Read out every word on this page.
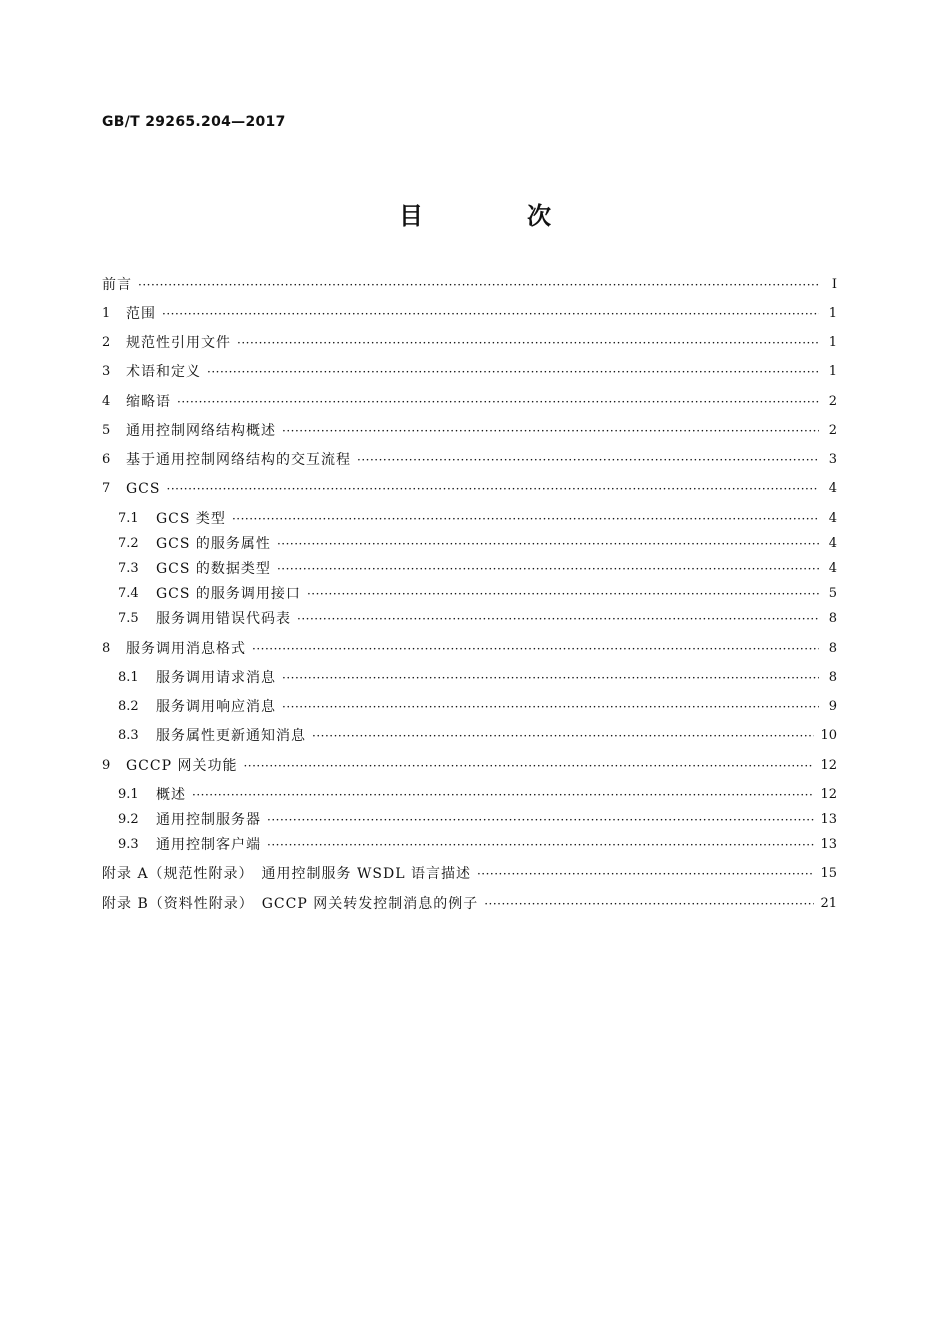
GB/T 29265.204—2017
目　次
前言 ·····	Ⅰ
1	范围 ·····	1
2	规范性引用文件 ·····	1
3	术语和定义 ·····	1
4	缩略语 ·····	2
5	通用控制网络结构概述 ·····	2
6	基于通用控制网络结构的交互流程 ·····	3
7	GCS ·····	4
7.1	GCS 类型 ·····	4
7.2	GCS 的服务属性 ·····	4
7.3	GCS 的数据类型 ·····	4
7.4	GCS 的服务调用接口 ·····	5
7.5	服务调用错误代码表 ·····	8
8	服务调用消息格式 ·····	8
8.1	服务调用请求消息 ·····	8
8.2	服务调用响应消息 ·····	9
8.3	服务属性更新通知消息 ·····	10
9	GCCP 网关功能 ·····	12
9.1	概述 ·····	12
9.2	通用控制服务器 ·····	13
9.3	通用控制客户端 ·····	13
附录 A（规范性附录）　通用控制服务 WSDL 语言描述 ·····	15
附录 B（资料性附录）　GCCP 网关转发控制消息的例子 ·····	21
